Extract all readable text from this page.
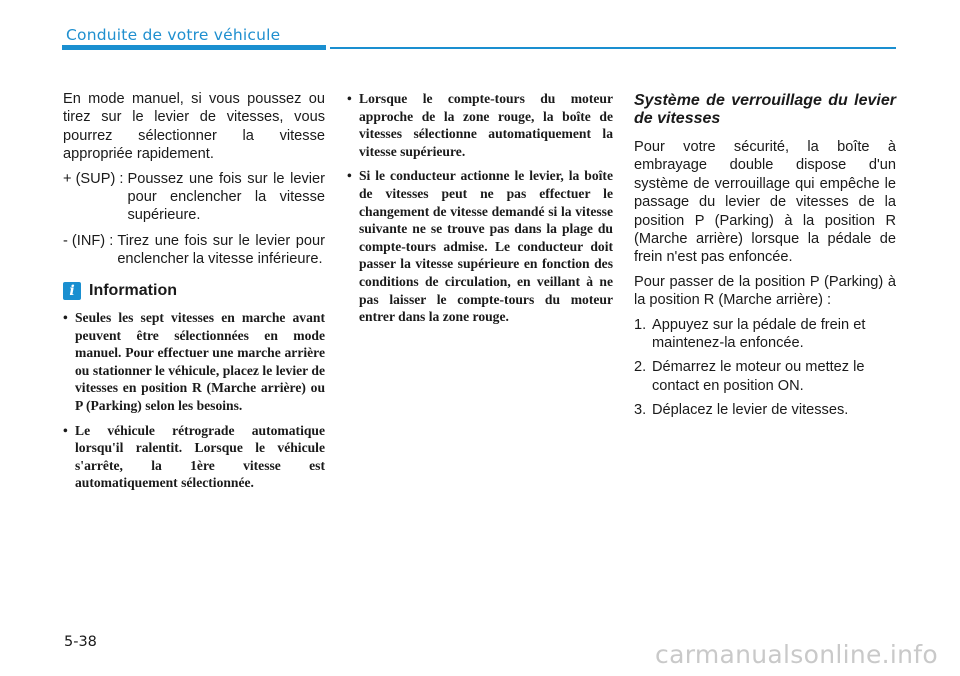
Conduite de votre véhicule

En mode manuel, si vous poussez ou tirez sur le levier de vitesses, vous pourrez sélectionner la vitesse appropriée rapidement.

+ (SUP) : Poussez une fois sur le levier pour enclencher la vitesse supérieure.
- (INF) : Tirez une fois sur le levier pour enclencher la vitesse inférieure.
i Information
• Seules les sept vitesses en marche avant peuvent être sélectionnées en mode manuel. Pour effectuer une marche arrière ou stationner le véhicule, placez le levier de vitesses en position R (Marche arrière) ou P (Parking) selon les besoins.
• Le véhicule rétrograde automatique lorsqu'il ralentit. Lorsque le véhicule s'arrête, la 1ère vitesse est automatiquement sélectionnée.
• Lorsque le compte-tours du moteur approche de la zone rouge, la boîte de vitesses sélectionne automatiquement la vitesse supérieure.
• Si le conducteur actionne le levier, la boîte de vitesses peut ne pas effectuer le changement de vitesse demandé si la vitesse suivante ne se trouve pas dans la plage du compte-tours admise. Le conducteur doit passer la vitesse supérieure en fonction des conditions de circulation, en veillant à ne pas laisser le compte-tours du moteur entrer dans la zone rouge.
Système de verrouillage du levier de vitesses

Pour votre sécurité, la boîte à embrayage double dispose d'un système de verrouillage qui empêche le passage du levier de vitesses de la position P (Parking) à la position R (Marche arrière) lorsque la pédale de frein n'est pas enfoncée.

Pour passer de la position P (Parking) à la position R (Marche arrière) :

1. Appuyez sur la pédale de frein et maintenez-la enfoncée.
2. Démarrez le moteur ou mettez le contact en position ON.
3. Déplacez le levier de vitesses.
5-38	carmanualsonline.info
